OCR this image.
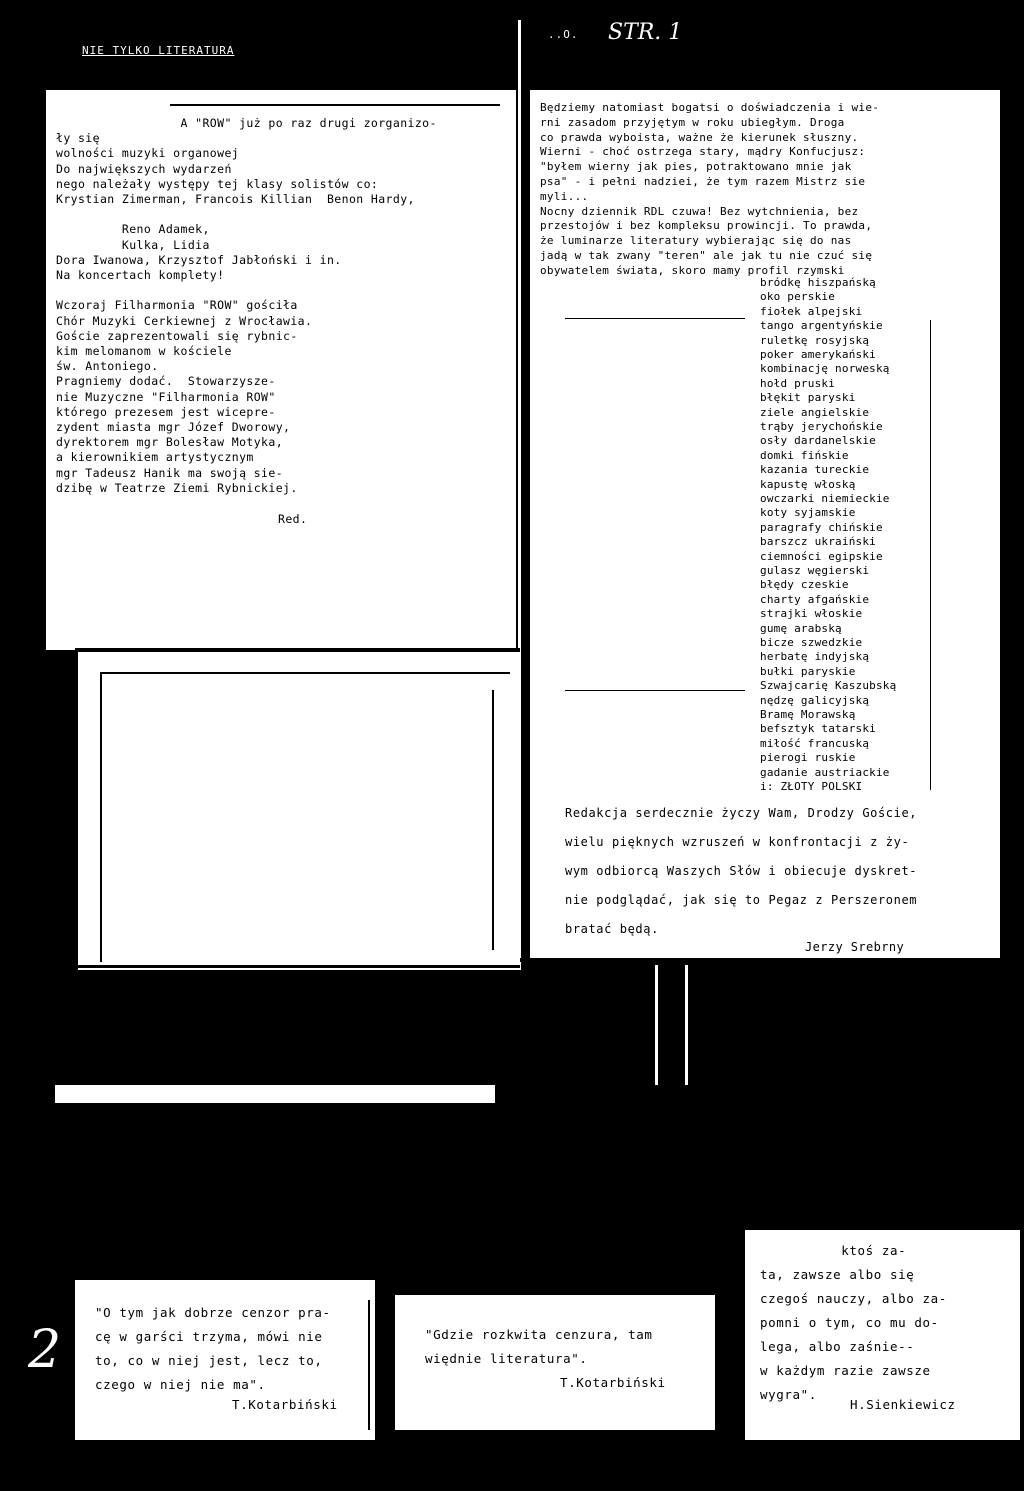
NIE TYLKO LITERATURA
..O. STR. 1
A "ROW" już po raz drugi zorganizo-
ły się
wolności muzyki organowej
Do największych wydarzeń
nego należały występy tej klasy solistów co:
Krystian Zimerman, Francois Killian  Benon Hardy,
Reno Adamek,
Kulka, Lidia
Dora Iwanowa, Krzysztof Jabłoński i in.
Na koncertach komplety!
Wczoraj Filharmonia "ROW" gościła
Chór Muzyki Cerkiewnej z Wrocławia.
Goście zaprezentowali się rybnic-
kim melomanom w kościele
św. Antoniego.
Pragniemy dodać.  Stowarzysze-
nie Muzyczne "Filharmonia ROW"
którego prezesem jest wicepre-
zydent miasta mgr Józef Dworowy,
dyrektorem mgr Bolesław Motyka,
a kierownikiem artystycznym
mgr Tadeusz Hanik ma swoją sie-
dzibę w Teatrze Ziemi Rybnickiej.
Red.
Będziemy natomiast bogatsi o doświadczenia i wie-
rni zasadom przyjętym w roku ubiegłym. Droga
co prawda wyboista, ważne że kierunek słuszny.
Wierni - choć ostrzega stary, mądry Konfucjusz:
"byłem wierny jak pies, potraktowano mnie jak
psa" - i pełni nadziei, że tym razem Mistrz sie
myli...
Nocny dziennik RDL czuwa! Bez wytchnienia, bez
przestojów i bez kompleksu prowincji. To prawda,
że luminarze literatury wybierając się do nas
jadą w tak zwany "teren" ale jak tu nie czuć się
obywatelem świata, skoro mamy profil rzymski
bródkę hiszpańską
oko perskie
fiołek alpejski
tango argentyńskie
ruletkę rosyjską
poker amerykański
kombinację norweską
hołd pruski
błękit paryski
ziele angielskie
trąby jerychońskie
osły dardanelskie
domki fińskie
kazania tureckie
kapustę włoską
owczarki niemieckie
koty syjamskie
paragrafy chińskie
barszcz ukraiński
ciemności egipskie
gulasz węgierski
błędy czeskie
charty afgańskie
strajki włoskie
gumę arabską
bicze szwedzkie
herbatę indyjską
bułki paryskie
Szwajcarię Kaszubską
nędzę galicyjską
Bramę Morawską
befsztyk tatarski
miłość francuską
pierogi ruskie
gadanie austriackie
i: ZŁOTY POLSKI
Redakcja serdecznie życzy Wam, Drodzy Goście,
wielu pięknych wzruszeń w konfrontacji z ży-
wym odbiorcą Waszych Słów i obiecuje dyskret-
nie podglądać, jak się to Pegaz z Perszeronem
bratać będą.
Jerzy Srebrny
2
"O tym jak dobrze cenzor pra-
cę w garści trzyma, mówi nie
to, co w niej jest, lecz to,
czego w niej nie ma".
T.Kotarbiński
"Gdzie rozkwita cenzura, tam
więdnie literatura".
T.Kotarbiński
ktoś za-
ta, zawsze albo się
czegoś nauczy, albo za-
pomni o tym, co mu do-
lega, albo zaśnie--
w każdym razie zawsze
wygra".
H.Sienkiewicz
